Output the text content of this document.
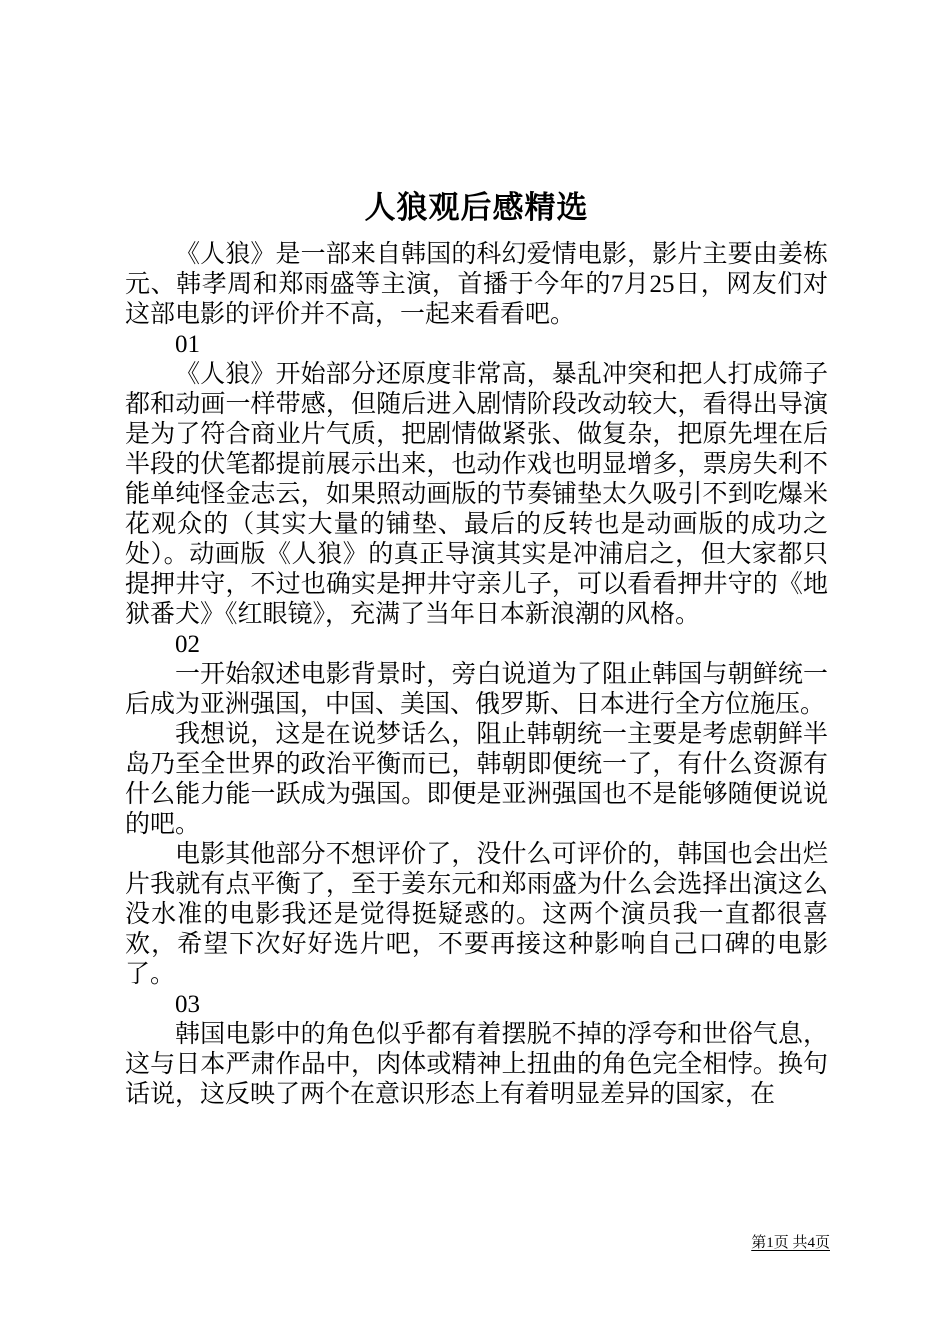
人狼观后感精选

《人狼》是一部来自韩国的科幻爱情电影，影片主要由姜栋元、韩孝周和郑雨盛等主演，首播于今年的7月25日，网友们对这部电影的评价并不高，一起来看看吧。

01

《人狼》开始部分还原度非常高，暴乱冲突和把人打成筛子都和动画一样带感，但随后进入剧情阶段改动较大，看得出导演是为了符合商业片气质，把剧情做紧张、做复杂，把原先埋在后半段的伏笔都提前展示出来，也动作戏也明显增多，票房失利不能单纯怪金志云，如果照动画版的节奏铺垫太久吸引不到吃爆米花观众的（其实大量的铺垫、最后的反转也是动画版的成功之处）。动画版《人狼》的真正导演其实是冲浦启之，但大家都只提押井守，不过也确实是押井守亲儿子，可以看看押井守的《地狱番犬》《红眼镜》，充满了当年日本新浪潮的风格。

02

一开始叙述电影背景时，旁白说道为了阻止韩国与朝鲜统一后成为亚洲强国，中国、美国、俄罗斯、日本进行全方位施压。

我想说，这是在说梦话么，阻止韩朝统一主要是考虑朝鲜半岛乃至全世界的政治平衡而已，韩朝即便统一了，有什么资源有什么能力能一跃成为强国。即便是亚洲强国也不是能够随便说说的吧。

电影其他部分不想评价了，没什么可评价的，韩国也会出烂片我就有点平衡了，至于姜东元和郑雨盛为什么会选择出演这么没水准的电影我还是觉得挺疑惑的。这两个演员我一直都很喜欢，希望下次好好选片吧，不要再接这种影响自己口碑的电影了。

03

韩国电影中的角色似乎都有着摆脱不掉的浮夸和世俗气息，这与日本严肃作品中，肉体或精神上扭曲的角色完全相悖。换句话说，这反映了两个在意识形态上有着明显差异的国家，在

第1页 共4页
